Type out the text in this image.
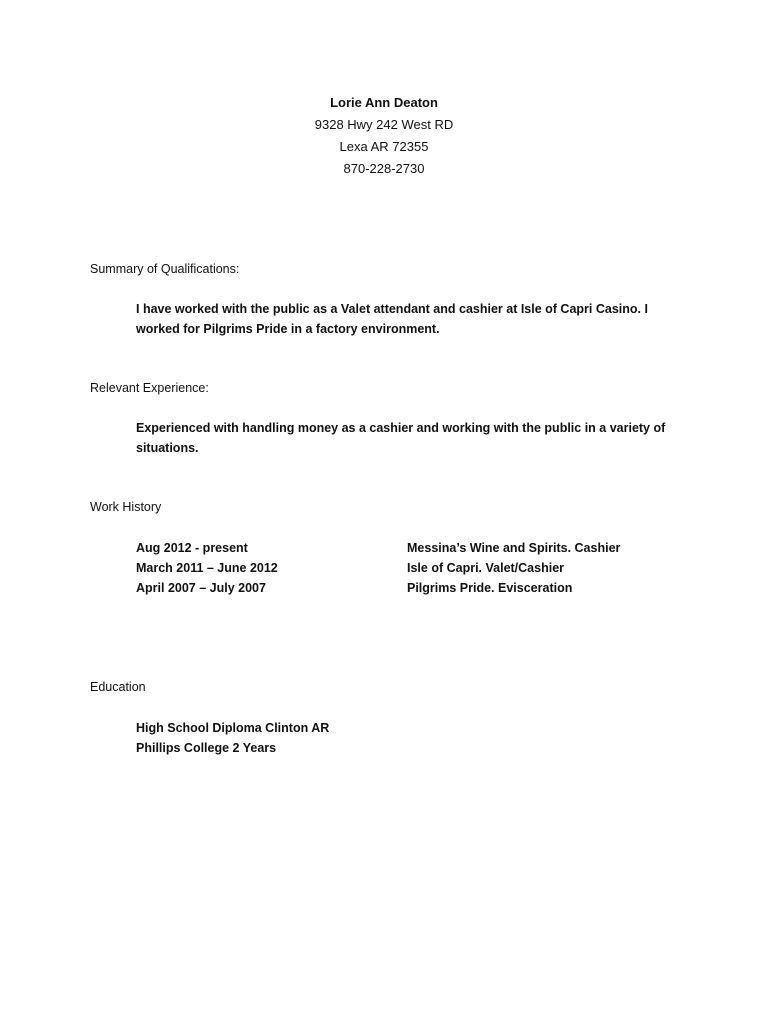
Lorie Ann Deaton
9328 Hwy 242 West RD
Lexa AR 72355
870-228-2730
Summary of Qualifications:
I have worked with the public as a Valet attendant and cashier at Isle of Capri Casino. I worked for Pilgrims Pride in a factory environment.
Relevant Experience:
Experienced with handling money as a cashier and working with the public in a variety of situations.
Work History
Aug 2012 - present	Messina’s Wine and Spirits. Cashier
March 2011 – June 2012	Isle of Capri. Valet/Cashier
April 2007 – July 2007	Pilgrims Pride. Evisceration
Education
High School Diploma Clinton AR
Phillips College 2 Years
